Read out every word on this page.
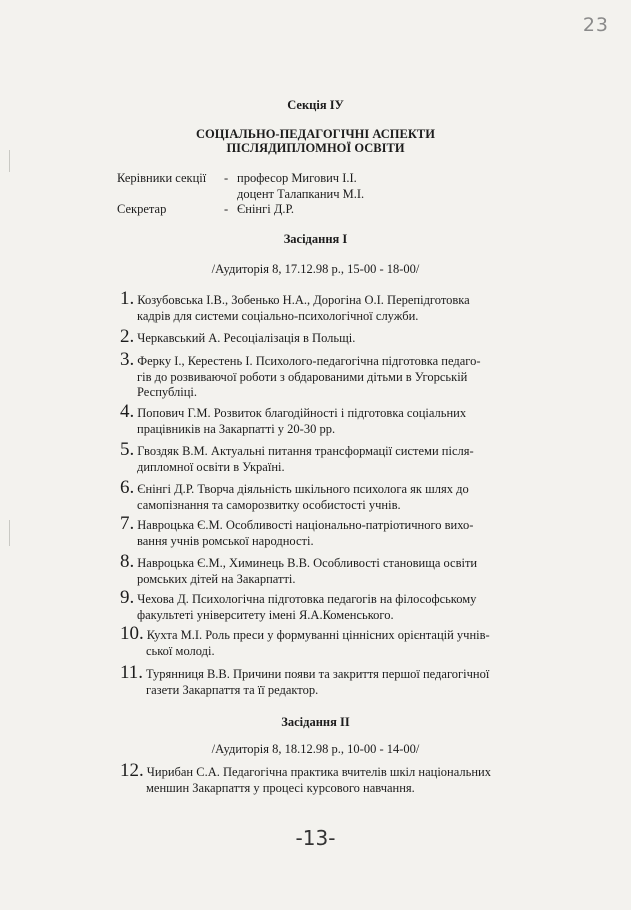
23
Секція ІУ
СОЦІАЛЬНО-ПЕДАГОГІЧНІ АСПЕКТИ
ПІСЛЯДИПЛОМНОЇ ОСВІТИ
Керівники секції - професор Мигович І.І.
доцент Талапканич М.І.
Секретар	- Єнінгі Д.Р.
Засідання І
/Аудиторія 8, 17.12.98 р., 15-00 - 18-00/
1. Козубовська І.В., Зобенько Н.А., Дорогіна О.І. Перепідготовка
кадрів для системи соціально-психологічної служби.
2. Черкавський А. Ресоціалізація в Польщі.
3. Ферку І., Керестень І. Психолого-педагогічна підготовка педаго-
гів до розвиваючої роботи з обдарованими дітьми в Угорській Республіці.
4. Попович Г.М. Розвиток благодійності і підготовка соціальних
працівників на Закарпатті у 20-30 рр.
5. Гвоздяк В.М. Актуальні питання трансформації системи після-
дипломної освіти в Україні.
6. Єнінгі Д.Р. Творча діяльність шкільного психолога як шлях до
самопізнання та саморозвитку особистості учнів.
7. Навроцька Є.М. Особливості національно-патріотичного вихо-
вання учнів ромської народності.
8. Навроцька Є.М., Химинець В.В. Особливості становища освіти
ромських дітей на Закарпатті.
9. Чехова Д. Психологічна підготовка педагогів на філософському
факультеті університету імені Я.А.Коменського.
10. Кухта М.І. Роль преси у формуванні ціннісних орієнтацій учнів-
ської молоді.
11. Турянниця В.В. Причини появи та закриття першої педагогічної
газети Закарпаття та її редактор.
Засідання ІІ
/Аудиторія 8, 18.12.98 р., 10-00 - 14-00/
12. Чирибан С.А. Педагогічна практика вчителів шкіл національних
меншин Закарпаття у процесі курсового навчання.
-13-
